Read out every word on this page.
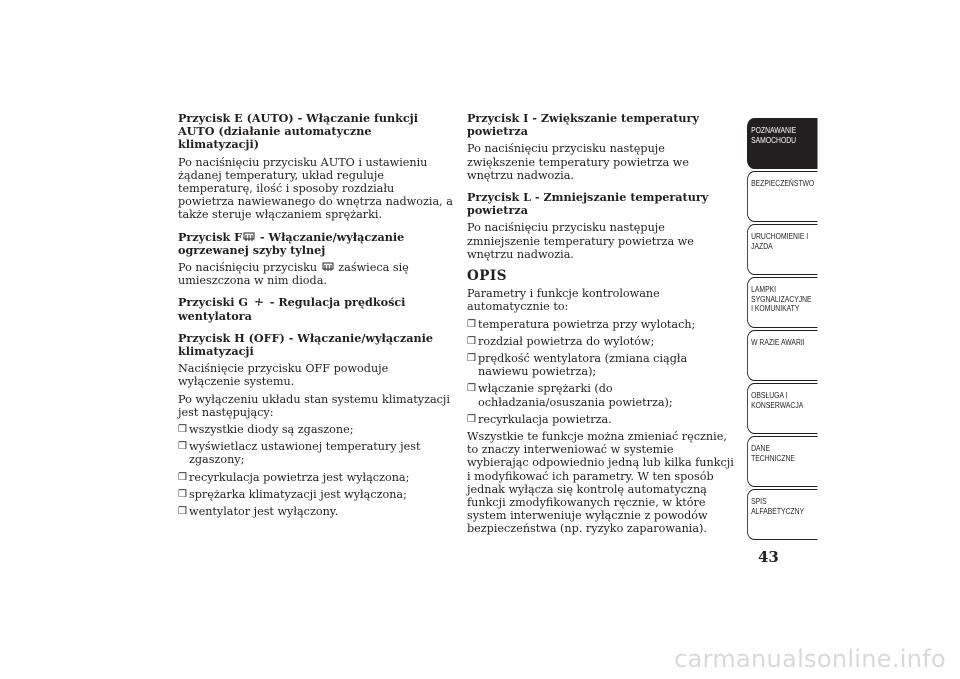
Przycisk E (AUTO) - Włączanie funkcji AUTO (działanie automatyczne klimatyzacji)

Po naciśnięciu przycisku AUTO i ustawieniu żądanej temperatury, układ reguluje temperaturę, ilość i sposoby rozdziału powietrza nawiewanego do wnętrza nadwozia, a także steruje włączaniem sprężarki.

Przycisk F - Włączanie/wyłączanie ogrzewanej szyby tylnej

Po naciśnięciu przycisku  zaświeca się umieszczona w nim dioda.

Przyciski G  - Regulacja prędkości wentylatora

Przycisk H (OFF) - Włączanie/wyłączanie klimatyzacji

Naciśnięcie przycisku OFF powoduje wyłączenie systemu.

Po wyłączeniu układu stan systemu klimatyzacji jest następujący:

❒ wszystkie diody są zgaszone;

❒ wyświetlacz ustawionej temperatury jest zgaszony;

❒ recyrkulacja powietrza jest wyłączona;

❒ sprężarka klimatyzacji jest wyłączona;

❒ wentylator jest wyłączony.

Przycisk I - Zwiększanie temperatury powietrza

Po naciśnięciu przycisku następuje zwiększenie temperatury powietrza we wnętrzu nadwozia.

Przycisk L - Zmniejszanie temperatury powietrza

Po naciśnięciu przycisku następuje zmniejszenie temperatury powietrza we wnętrzu nadwozia.

OPIS

Parametry i funkcje kontrolowane automatycznie to:

❒ temperatura powietrza przy wylotach;

❒ rozdział powietrza do wylotów;

❒ prędkość wentylatora (zmiana ciągła nawiewu powietrza);

❒ włączanie sprężarki (do ochładzania/osuszania powietrza);

❒ recyrkulacja powietrza.

Wszystkie te funkcje można zmieniać ręcznie, to znaczy interweniować w systemie wybierając odpowiednio jedną lub kilka funkcji i modyfikować ich parametry. W ten sposób jednak wyłącza się kontrolę automatyczną funkcji zmodyfikowanych ręcznie, w które system interweniuje wyłącznie z powodów bezpieczeństwa (np. ryzyko zaparowania).

POZNAWANIE
SAMOCHODU
BEZPIECZEŃSTWO
URUCHOMIENIE I
JAZDA
LAMPKI
SYGNALIZACYJNE
I KOMUNIKATY
W RAZIE AWARII
OBSŁUGA I
KONSERWACJA
DANE
TECHNICZNE
SPIS
ALFABETYCZNY
43
carmanualsonline.info
